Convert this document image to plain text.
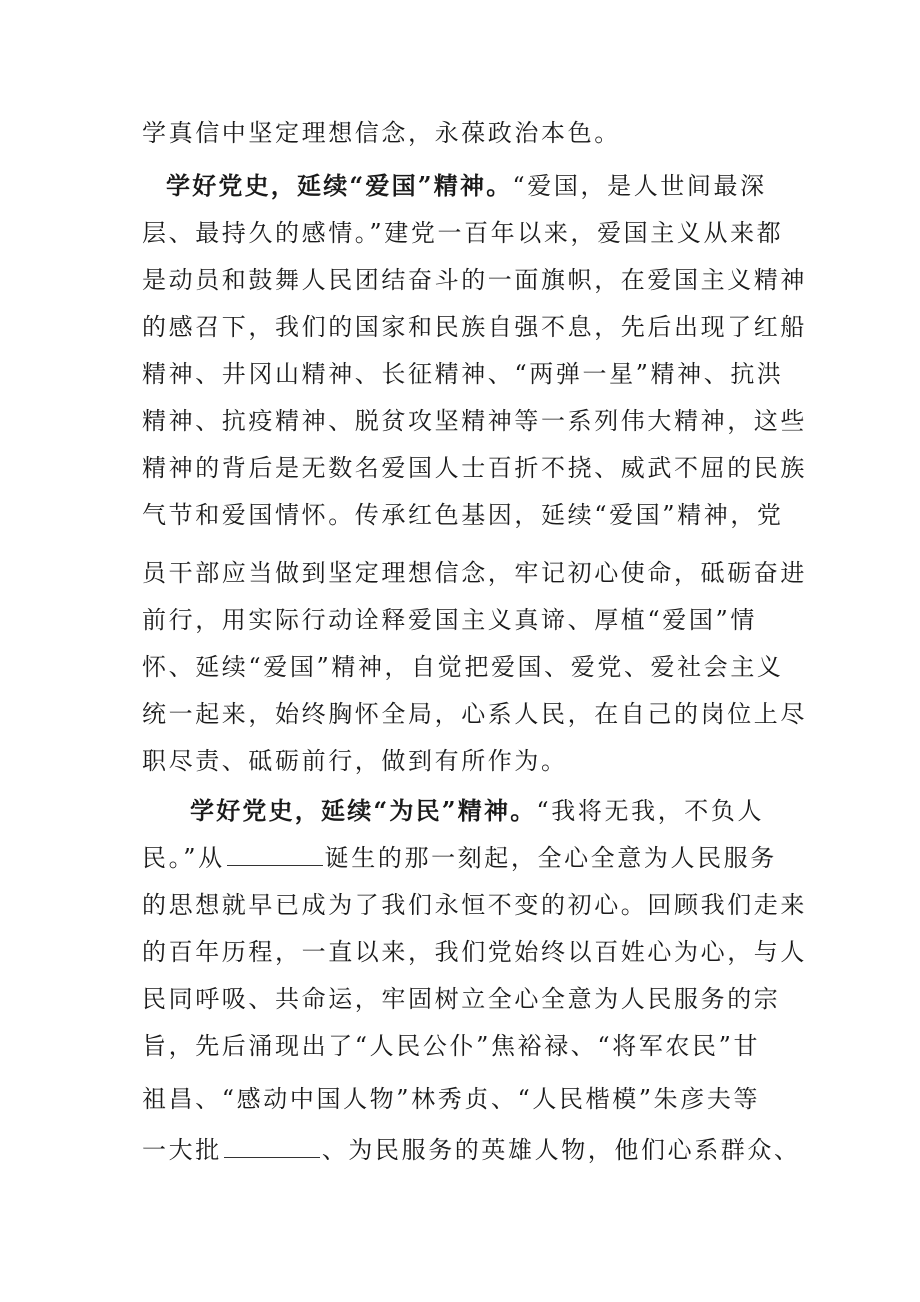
学真信中坚定理想信念，永葆政治本色。
学好党史，延续“爱国”精神。“爱国，是人世间最深
层、最持久的感情。”建党一百年以来，爱国主义从来都
是动员和鼓舞人民团结奋斗的一面旗帜，在爱国主义精神
的感召下，我们的国家和民族自强不息，先后出现了红船
精神、井冈山精神、长征精神、“两弹一星”精神、抗洪
精神、抗疫精神、脱贫攻坚精神等一系列伟大精神，这些
精神的背后是无数名爱国人士百折不挠、威武不屈的民族
气节和爱国情怀。传承红色基因，延续“爱国”精神，党
员干部应当做到坚定理想信念，牢记初心使命，砥砺奋进
前行，用实际行动诠释爱国主义真谛、厚植“爱国”情
怀、延续“爱国”精神，自觉把爱国、爱党、爱社会主义
统一起来，始终胸怀全局，心系人民，在自己的岗位上尽
职尽责、砥砺前行，做到有所作为。
学好党史，延续“为民”精神。“我将无我，不负人
民。”从	诞生的那一刻起，全心全意为人民服务
的思想就早已成为了我们永恒不变的初心。回顾我们走来
的百年历程，一直以来，我们党始终以百姓心为心，与人
民同呼吸、共命运，牢固树立全心全意为人民服务的宗
旨，先后涌现出了“人民公仆”焦裕禄、“将军农民”甘
祖昌、“感动中国人物”林秀贞、“人民楷模”朱彦夫等
一大批	、为民服务的英雄人物，他们心系群众、
